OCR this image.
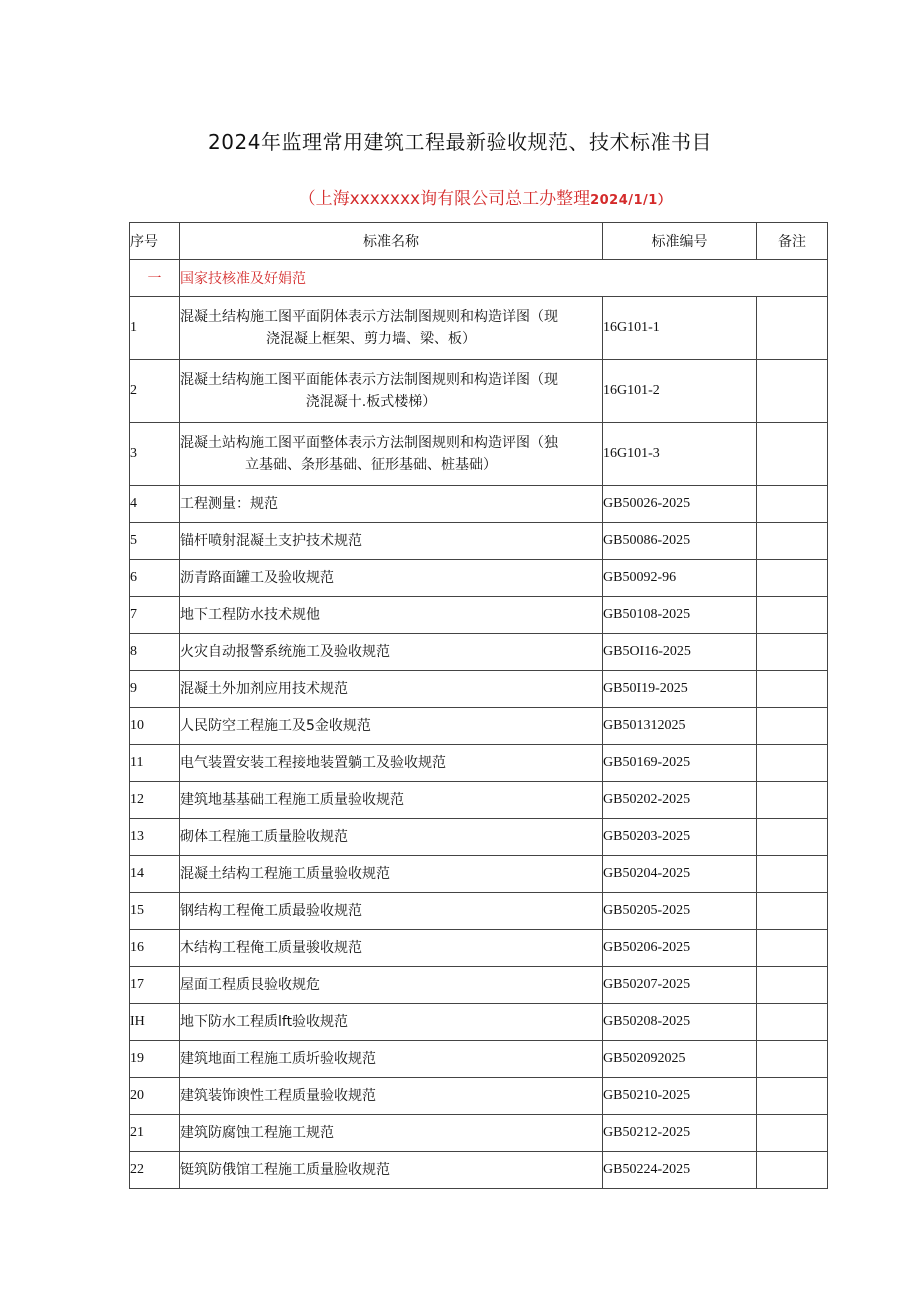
2024年监理常用建筑工程最新验收规范、技术标准书目
（上海xxxxxxx询有限公司总工办整理2024/1/1）
序号	标准名称	标准编号	备注
一	国家技核准及好娟范		
1	混凝土结构施工图平面阴体表示方法制图规则和构造详图（现
浇混凝上框架、剪力墙、梁、板）	16G101-1	
2	混凝土结构施工图平面能体表示方法制图规则和构造详图（现
浇混凝十.板式楼梯）	16G101-2	
3	混凝土站构施工图平面整体表示方法制图规则和构造评图（独
立基础、条形基础、征形基础、桩基础）	16G101-3	
4	工程测量：规范	GB50026-2025	
5	锚杆喷射混凝土支护技术规范	GB50086-2025	
6	沥青路面罐工及验收规范	GB50092-96	
7	地下工程防水技术规他	GB50108-2025	
8	火灾自动报警系统施工及验收规范	GB5OI16-2025	
9	混凝土外加剂应用技术规范	GB50I19-2025	
10	人民防空工程施工及5金收规范	GB501312025	
11	电气装置安装工程接地装置躺工及验收规范	GB50169-2025	
12	建筑地基基础工程施工质量验收规范	GB50202-2025	
13	砌体工程施工质量脸收规范	GB50203-2025	
14	混凝土结构工程施工质量验收规范	GB50204-2025	
15	钢结构工程俺工质最验收规范	GB50205-2025	
16	木结构工程俺工质量骏收规范	GB50206-2025	
17	屋面工程质艮验收规危	GB50207-2025	
IH	地下防水工程质lft验收规范	GB50208-2025	
19	建筑地面工程施工质圻验收规范	GB502092025	
20	建筑装饰谀性工程质量验收规范	GB50210-2025	
21	建筑防腐蚀工程施工规范	GB50212-2025	
22	铤筑防俄馆工程施工质量脸收规范	GB50224-2025	
